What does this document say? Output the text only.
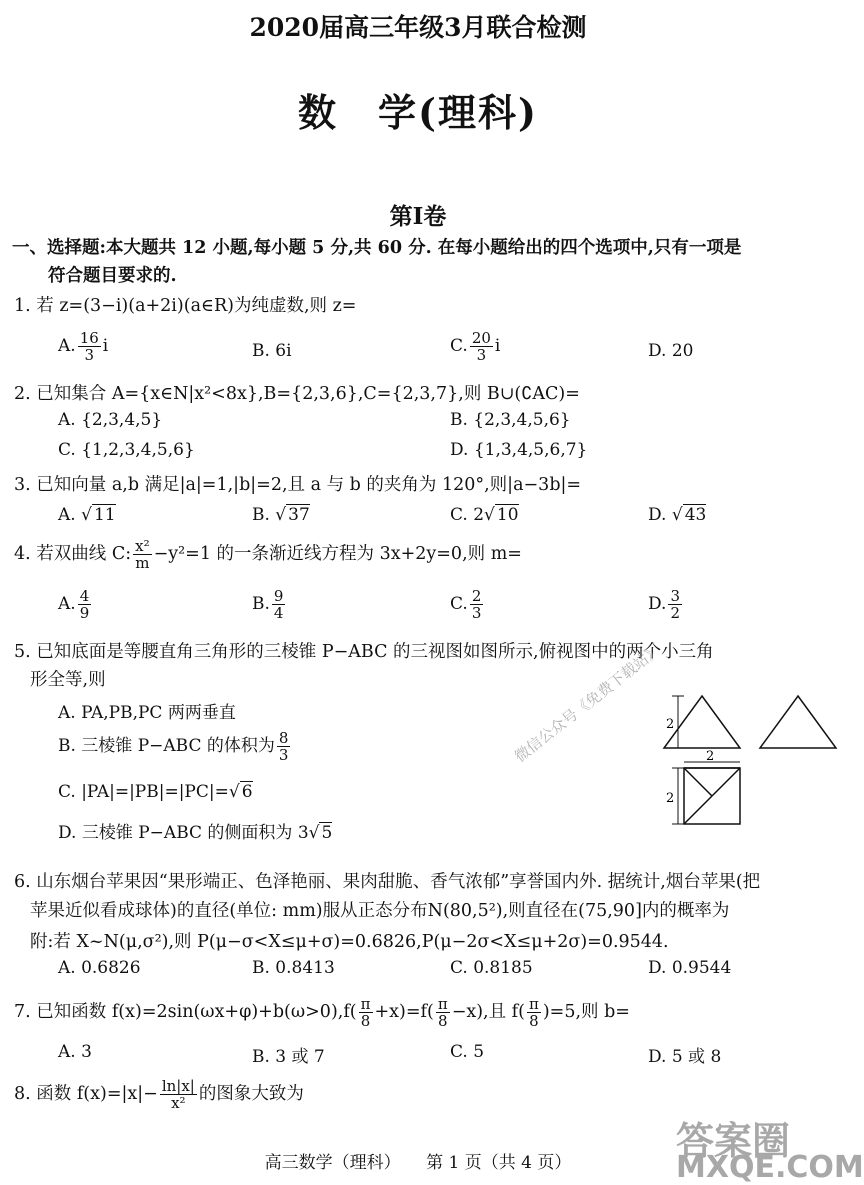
2020届高三年级3月联合检测
数　学(理科)
第Ⅰ卷
一、选择题:本大题共 12 小题,每小题 5 分,共 60 分. 在每小题给出的四个选项中,只有一项是
符合题目要求的.
1. 若 z=(3−i)(a+2i)(a∈R)为纯虚数,则 z=
A. $\frac{16}{3}$ i	B. 6i	C. $\frac{20}{3}$ i	D. 20
2. 已知集合 A={x∈N|x²<8x},B={2,3,6},C={2,3,7},则 B∪(∁AC)=
A. {2,3,4,5}	B. {2,3,4,5,6}
C. {1,2,3,4,5,6}	D. {1,3,4,5,6,7}
3. 已知向量 a,b 满足|a|=1,|b|=2,且 a 与 b 的夹角为 120°,则|a−3b|=
A. √ 11	B. √ 37	C. 2√ 10	D. √ 43
4. 若双曲线 C: $\frac{\text{x²}}{m} -y^2=1$ 的一条渐近线方程为 3x+2y=0,则 m=
A. $\frac{4}{9}$	B. $\frac{9}{4}$	C. $\frac{2}{3}$	D. $\frac{3}{2}$
5. 已知底面是等腰直角三角形的三棱锥 P−ABC 的三视图如图所示,俯视图中的两个小三角
形全等,则
A. PA,PB,PC 两两垂直
B. 三棱锥 P−ABC 的体积为 $\frac{8}{3}$
C. |PA|=|PB|=|PC|=√ 6
D. 三棱锥 P−ABC 的侧面积为 3√ 5
2
2
2
微信公众号《免费下载站》
6. 山东烟台苹果因“果形端正、色泽艳丽、果肉甜脆、香气浓郁”享誉国内外. 据统计,烟台苹果(把
苹果近似看成球体)的直径(单位: mm)服从正态分布N(80,5²),则直径在(75,90]内的概率为
附:若 X~N(μ,σ²),则 P(μ−σ<X≤μ+σ)=0.6826,P(μ−2σ<X≤μ+2σ)=0.9544.
A. 0.6826	B. 0.8413	C. 0.8185	D. 0.9544
7. 已知函数 $f(x)=2\sin(\omega x+\varphi)+b(\omega>0),f( \frac{\pi}{8} +x)=f( \frac{\pi}{8} -x)$,且 $f( \frac{\pi}{8} )=5$,则 b=
A. 3	B. 3 或 7	C. 5	D. 5 或 8
8. 函数 $f(x)=|x|- \frac{\ln|x|}{\text{x²}}$ 的图象大致为
高三数学（理科）　　第 1 页（共 4 页）	答案圈
MXQE.COM
